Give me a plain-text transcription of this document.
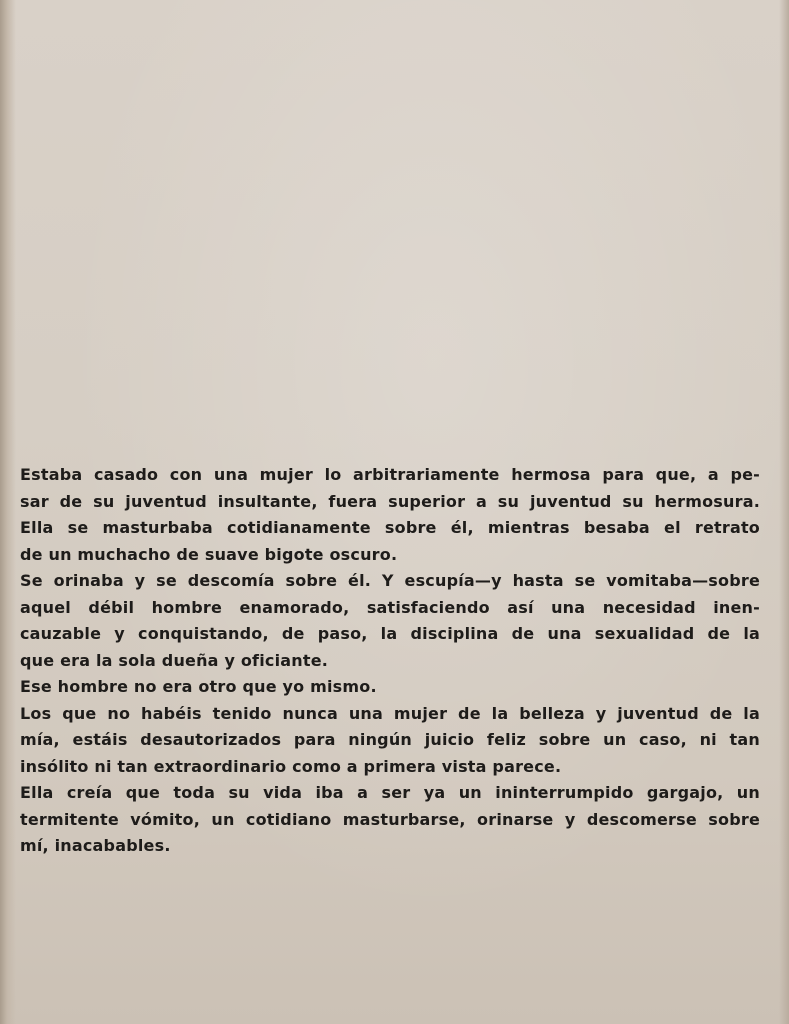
Estaba casado con una mujer lo arbitrariamente hermosa para que, a pe-
sar de su juventud insultante, fuera superior a su juventud su hermosura.
Ella se masturbaba cotidianamente sobre él, mientras besaba el retrato
de un muchacho de suave bigote oscuro.
Se orinaba y se descomía sobre él. Y escupía—y hasta se vomitaba—sobre
aquel débil hombre enamorado, satisfaciendo así una necesidad inen-
cauzable y conquistando, de paso, la disciplina de una sexualidad de la
que era la sola dueña y oficiante.
Ese hombre no era otro que yo mismo.
Los que no habéis tenido nunca una mujer de la belleza y juventud de la
mía, estáis desautorizados para ningún juicio feliz sobre un caso, ni tan
insólito ni tan extraordinario como a primera vista parece.
Ella creía que toda su vida iba a ser ya un ininterrumpido gargajo, un
termitente vómito, un cotidiano masturbarse, orinarse y descomerse sobre
mí, inacabables.
